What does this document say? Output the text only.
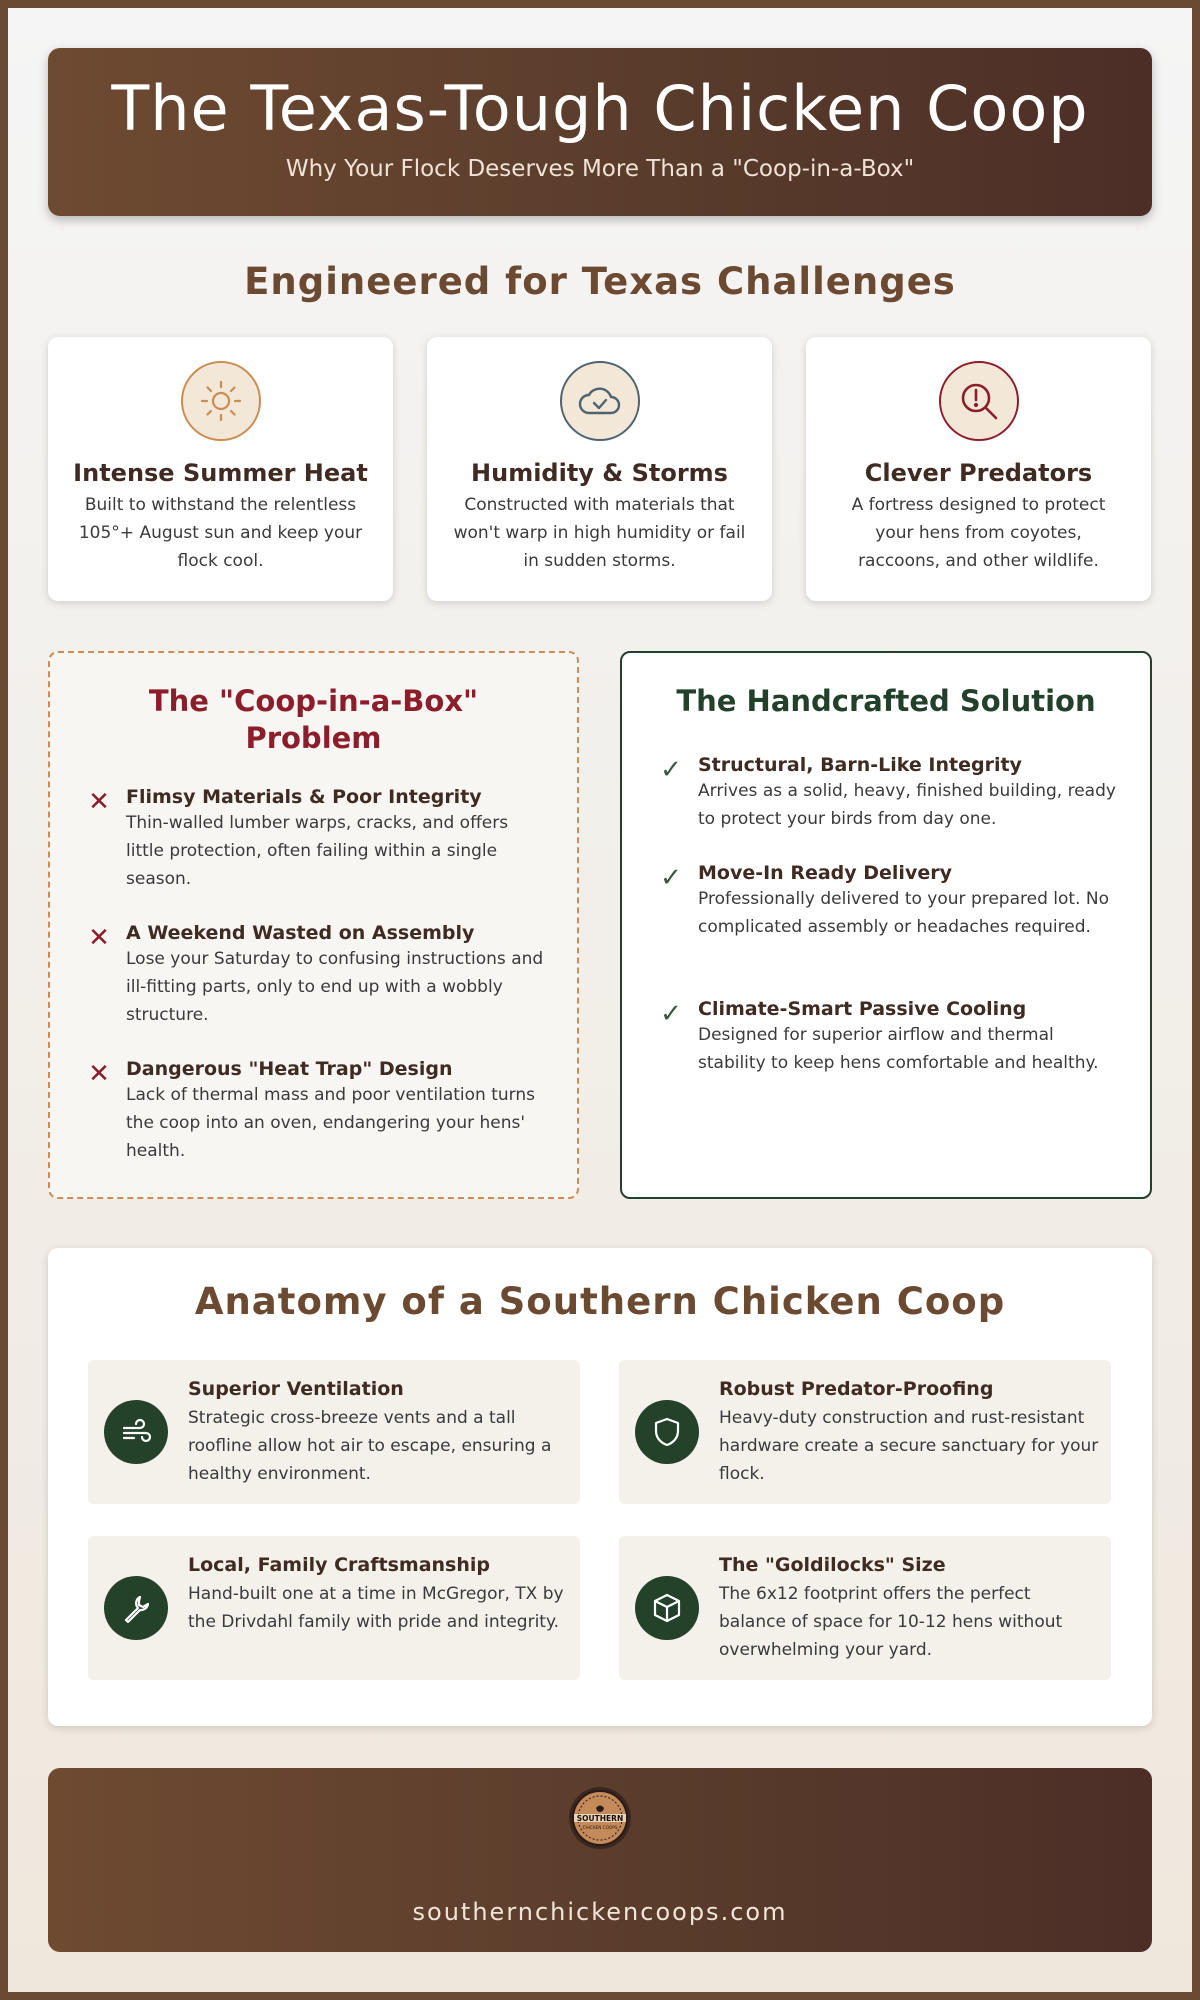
The Texas-Tough Chicken Coop

Why Your Flock Deserves More Than a "Coop-in-a-Box"

Engineered for Texas Challenges
Intense Summer Heat

Built to withstand the relentless 105°+ August sun and keep your flock cool.

Humidity & Storms

Constructed with materials that won't warp in high humidity or fail in sudden storms.

Clever Predators

A fortress designed to protect your hens from coyotes, raccoons, and other wildlife.

The "Coop-in-a-Box" Problem
✕ Flimsy Materials & Poor Integrity

Thin-walled lumber warps, cracks, and offers little protection, often failing within a single season.

✕ A Weekend Wasted on Assembly

Lose your Saturday to confusing instructions and ill-fitting parts, only to end up with a wobbly structure.

✕ Dangerous "Heat Trap" Design

Lack of thermal mass and poor ventilation turns the coop into an oven, endangering your hens' health.

The Handcrafted Solution
✓ Structural, Barn-Like Integrity

Arrives as a solid, heavy, finished building, ready to protect your birds from day one.

✓ Move-In Ready Delivery

Professionally delivered to your prepared lot. No complicated assembly or headaches required.

✓ Climate-Smart Passive Cooling

Designed for superior airflow and thermal stability to keep hens comfortable and healthy.

Anatomy of a Southern Chicken Coop
Superior Ventilation

Strategic cross-breeze vents and a tall roofline allow hot air to escape, ensuring a healthy environment.

Robust Predator-Proofing

Heavy-duty construction and rust-resistant hardware create a secure sanctuary for your flock.

Local, Family Craftsmanship

Hand-built one at a time in McGregor, TX by the Drivdahl family with pride and integrity.

The "Goldilocks" Size

The 6x12 footprint offers the perfect balance of space for 10-12 hens without overwhelming your yard.

SOUTHERN
CHICKEN COOPS
southernchickencoops.com
